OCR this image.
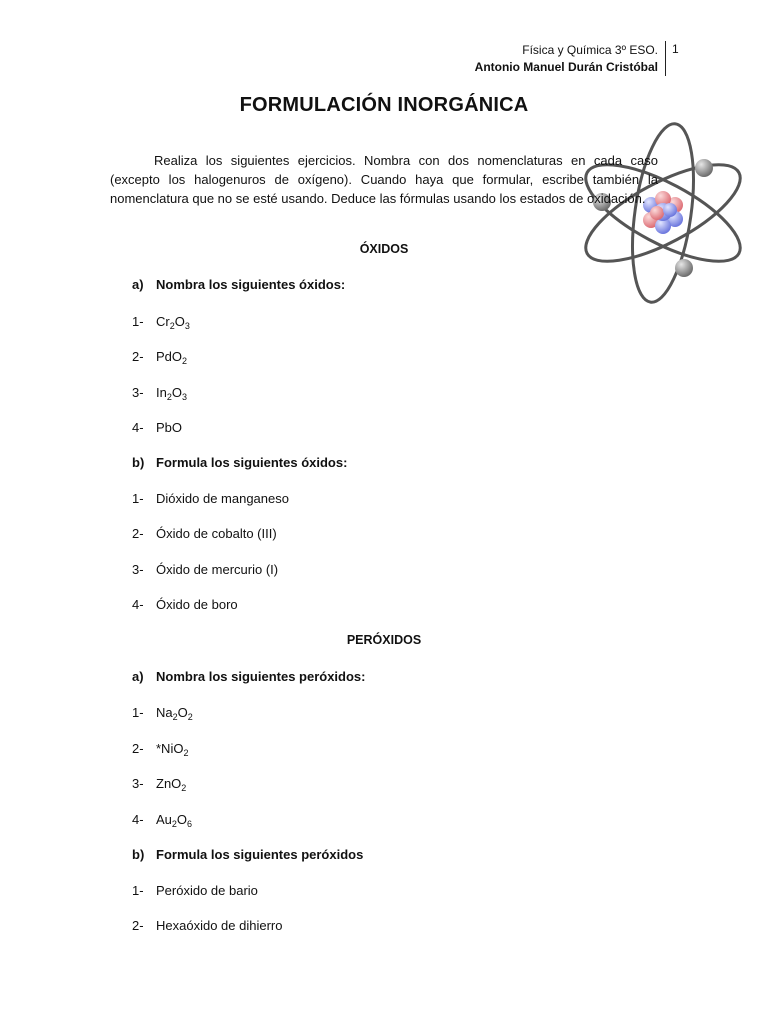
Física y Química 3º ESO.
Antonio Manuel Durán Cristóbal
1
FORMULACIÓN INORGÁNICA

Realiza los siguientes ejercicios. Nombra con dos nomenclaturas en cada caso (excepto los halogenuros de oxígeno). Cuando haya que formular, escribe también la nomenclatura que no se esté usando. Deduce las fórmulas usando los estados de oxidación.

ÓXIDOS
a) Nombra los siguientes óxidos:
1- $Cr_2O_3$
2- PdO$_2$
3- $In_2O_3$
4- PbO
b) Formula los siguientes óxidos:
1- Dióxido de manganeso
2- Óxido de cobalto (III)
3- Óxido de mercurio (I)
4- Óxido de boro
PERÓXIDOS
a) Nombra los siguientes peróxidos:
1- $Na_2O_2$
2- *NiO$_2$
3- ZnO$_2$
4- $Au_2O_6$
b) Formula los siguientes peróxidos
1- Peróxido de bario
2- Hexaóxido de dihierro
